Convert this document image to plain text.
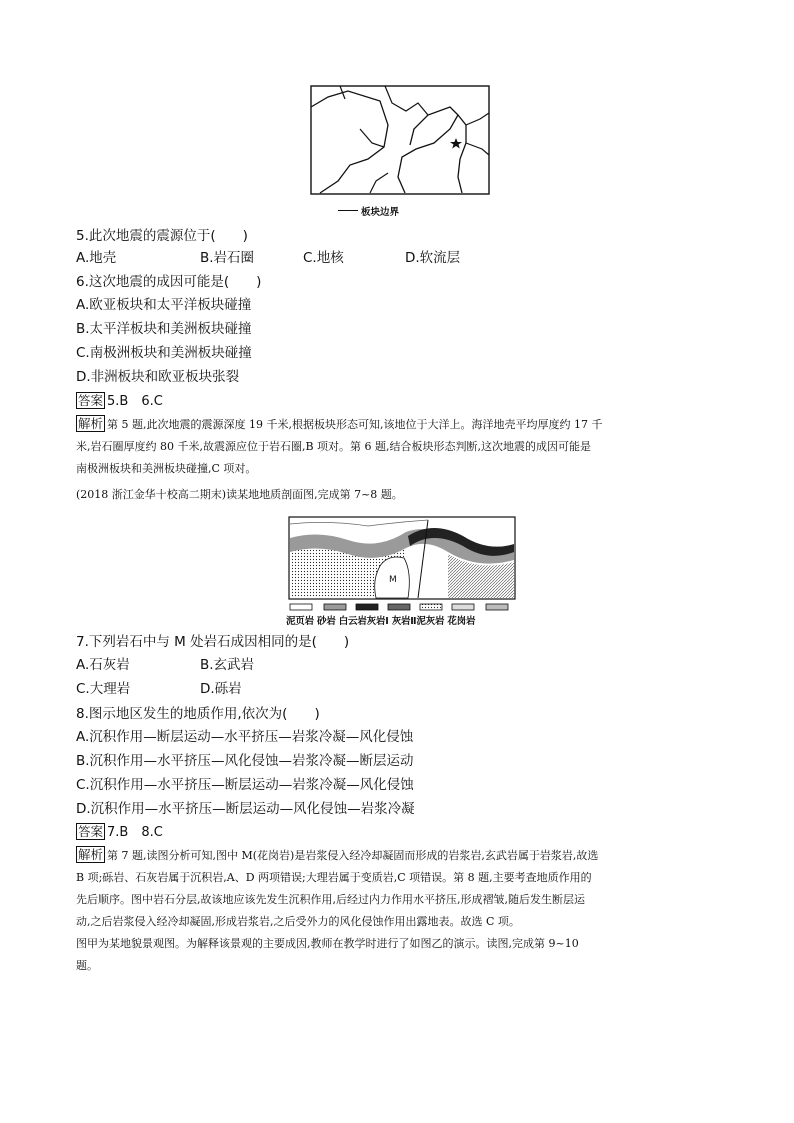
板块边界
5.此次地震的震源位于(　　)
A.地壳	B.岩石圈	C.地核	D.软流层
6.这次地震的成因可能是(　　)
A.欧亚板块和太平洋板块碰撞
B.太平洋板块和美洲板块碰撞
C.南极洲板块和美洲板块碰撞
D.非洲板块和欧亚板块张裂
答案 5.B　6.C
解析 第 5 题,此次地震的震源深度 19 千米,根据板块形态可知,该地位于大洋上。海洋地壳平均厚度约 17 千
米,岩石圈厚度约 80 千米,故震源应位于岩石圈,B 项对。第 6 题,结合板块形态判断,这次地震的成因可能是
南极洲板块和美洲板块碰撞,C 项对。
(2018 浙江金华十校高二期末)读某地地质剖面图,完成第 7~8 题。
M
泥页岩 砂岩 白云岩灰岩Ⅰ 灰岩Ⅱ泥灰岩 花岗岩
7.下列岩石中与 M 处岩石成因相同的是(　　)
A.石灰岩	B.玄武岩
C.大理岩	D.砾岩
8.图示地区发生的地质作用,依次为(　　)
A.沉积作用—断层运动—水平挤压—岩浆冷凝—风化侵蚀
B.沉积作用—水平挤压—风化侵蚀—岩浆冷凝—断层运动
C.沉积作用—水平挤压—断层运动—岩浆冷凝—风化侵蚀
D.沉积作用—水平挤压—断层运动—风化侵蚀—岩浆冷凝
答案 7.B　8.C
解析 第 7 题,读图分析可知,图中 M(花岗岩)是岩浆侵入经冷却凝固而形成的岩浆岩,玄武岩属于岩浆岩,故选
B 项;砾岩、石灰岩属于沉积岩,A、D 两项错误;大理岩属于变质岩,C 项错误。第 8 题,主要考查地质作用的
先后顺序。图中岩石分层,故该地应该先发生沉积作用,后经过内力作用水平挤压,形成褶皱,随后发生断层运
动,之后岩浆侵入经冷却凝固,形成岩浆岩,之后受外力的风化侵蚀作用出露地表。故选 C 项。
图甲为某地貌景观图。为解释该景观的主要成因,教师在教学时进行了如图乙的演示。读图,完成第 9~10
题。
